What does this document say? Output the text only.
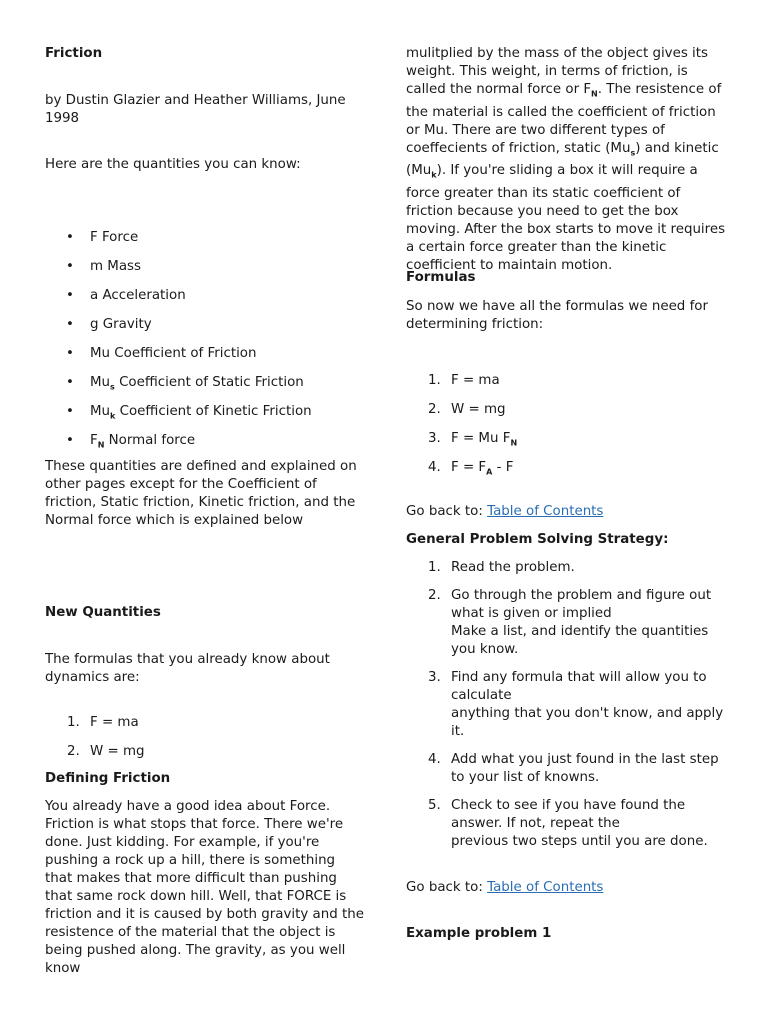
Friction

by Dustin Glazier and Heather Williams, June 1998

Here are the quantities you can know:

• F Force
• m Mass
• a Acceleration
• g Gravity
• Mu Coefficient of Friction
• $Mu_s$ Coefficient of Static Friction
• $Mu_k$ Coefficient of Kinetic Friction
• $F_N$ Normal force

These quantities are defined and explained on other pages except for the Coefficient of friction, Static friction, Kinetic friction, and the Normal force which is explained below

New Quantities

The formulas that you already know about dynamics are:

1. F = ma
2. W = mg
Defining Friction

You already have a good idea about Force. Friction is what stops that force. There we're done. Just kidding. For example, if you're pushing a rock up a hill, there is something that makes that more difficult than pushing that same rock down hill. Well, that FORCE is friction and it is caused by both gravity and the resistence of the material that the object is being pushed along. The gravity, as you well know

mulitplied by the mass of the object gives its weight. This weight, in terms of friction, is called the normal force or $F_N$. The resistence of the material is called the coefficient of friction or Mu. There are two different types of coeffecients of friction, static $(Mu_s)$ and kinetic $(Mu_k)$. If you're sliding a box it will require a force greater than its static coefficient of friction because you need to get the box moving. After the box starts to move it requires a certain force greater than the kinetic coefficient to maintain motion.

Formulas

So now we have all the formulas we need for determining friction:

1. F = ma
2. W = mg
3. F = Mu $F_N$
4. $F = F_A - F$

Go back to: Table of Contents

General Problem Solving Strategy:
1. Read the problem.
2. Go through the problem and figure out what is given or implied
Make a list, and identify the quantities you know.
3. Find any formula that will allow you to calculate
anything that you don't know, and apply it.
4. Add what you just found in the last step to your list of knowns.
5. Check to see if you have found the answer. If not, repeat the
previous two steps until you are done.

Go back to: Table of Contents

Example problem 1
